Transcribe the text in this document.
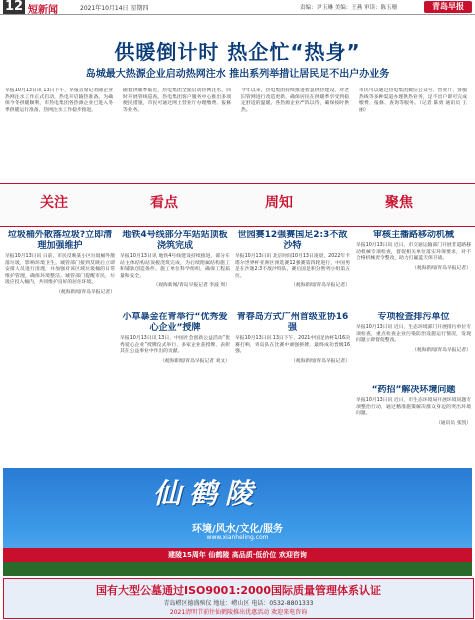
12 短新闻	2021年10月14日 星期四	责编：尹玉琳 美编：王燕 审读：陈玉珊	青岛早报
供暖倒计时 热企忙“热身”
岛城最大热源企业启动热网注水 推出系列举措让居民足不出户办业务
早报10月13日讯 13日下午，早报首席记者随企业热网注水工作正式启动，热电开启输热准备。为确保今冬供暖顺利，市热电集团各热源企业已进入冬季供暖运行准备，热网注水工作稳步推进。
随着供暖季临近，热电集团全面启动热网注水，同时开展管线巡查。热电集团客户服务中心推出多项便民措施，市民可通过网上营业厅办理缴费、报修等业务。
今年以来，热电集团持续推进智慧供热建设，对老旧管网进行改造更新，确保居民在供暖季享受到稳定舒适的温暖。各热源企业严阵以待，确保按时供热。
市民可以通过热电集团微信公众号、营业厅、客服热线等多种渠道办理供热业务，足不出户即可完成缴费、报修、查询等服务。（记者 陈勇 通讯员 王丽）
关注	看点	周知	聚焦
垃圾桶外散落垃圾?立即清理加强维护
早报10月13日讯 日前，市民反映某小区垃圾桶外散落垃圾，影响环境卫生。城管部门接到反映后立即安排人员进行清理，并加强对该区域垃圾桶的日常维护管理，确保环境整洁。城管部门提醒市民，垃圾应投入桶内，共同维护良好的居住环境。
（观海新闻/青岛早报记者）
地铁4号线部分车站站顶板浇筑完成
早报10月13日讯 地铁4号线建设持续推进，部分车站主体结构站顶板浇筑完成，为后续附属结构施工和铺轨创造条件。施工单位科学组织，确保工程质量和安全。
（观海新闻/青岛早报记者 李波 周）
小草暴金在青举行“优秀爱心企业”授牌
早报10月13日讯 13日，中国社会创新公益活动“优秀爱心企业”授牌仪式举行，多家企业获授牌，表彰其在公益事业中作出的贡献。
（观海新闻/青岛早报记者 刘文）
世园赛12强赛国足2:3不敌沙特
早报10月13日讯 北京时间10月13日凌晨，2022年卡塔尔世界杯亚洲区预选赛12强赛第四轮进行，中国男足在沙迦2:3不敌沙特队，赛后国足积分暂列小组第五位。
（观海新闻/青岛早报记者）
青春岛方式广州首级亚协16强
早报10月13日讯 13日下午，2021中国足协杯1/16决赛打响，青岛队在比赛中顽强拼搏，最终成功晋级16强。
（观海新闻/青岛早报记者）
审核主播路移动机械
早报10月13日讯 近日，市交通运输部门开展非道路移动机械专项检查，督促相关单位落实环保要求，对不合格机械责令整改，助力打赢蓝天保卫战。
（观海新闻/青岛早报记者）
专项检查排污单位
早报10月13日讯 近日，生态环境部门开展排污单位专项检查，重点检查企业污染防治设施运行情况，发现问题立即督促整改。
（观海新闻/青岛早报记者）
“药招”解决环境问题
早报10月13日讯 近日，市生态环境局开展环境问题专项整治行动，通过精准施策解决群众身边的突出环境问题。
（通讯员 张凯）
仙鹤陵
环境/风水/文化/服务
www.xianheling.com
建陵15周年 仙鹤陵 高品质·低价位 欢迎咨询
国有大型公墓通过ISO9001:2000国际质量管理体系认证
青岛崂区德盛殡仪 地址：崂山区 电话：0532-8801333
2021清明节前往仙鹤陵推出优惠活动 欢迎来电咨询
